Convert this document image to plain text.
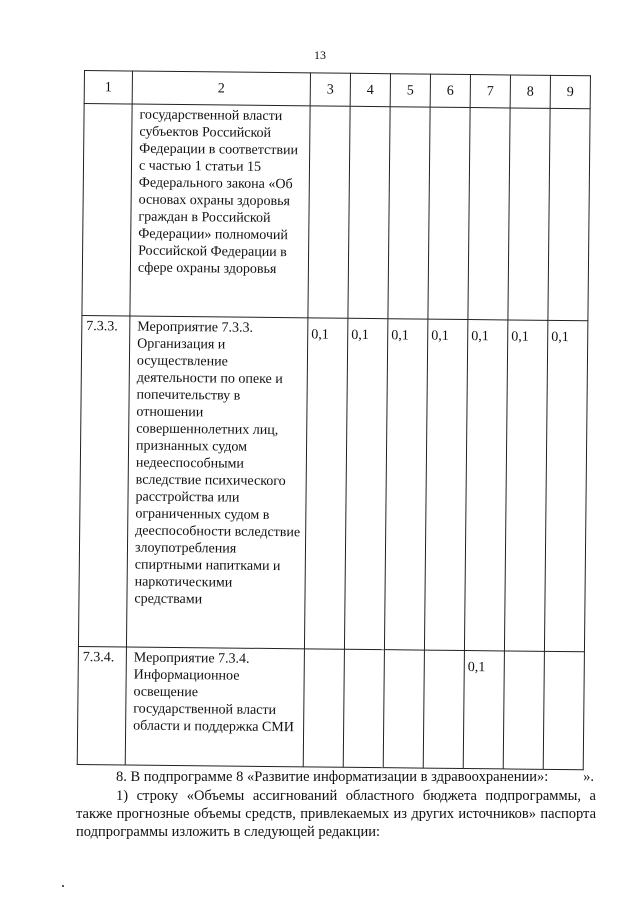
13
1	2	3	4	5	6	7	8	9
	государственной власти субъектов Российской Федерации в соответствии с частью 1 статьи 15 Федерального закона «Об основах охраны здоровья граждан в Российской Федерации» полномочий Российской Федерации в сфере охраны здоровья							
7.3.3.	Мероприятие 7.3.3. Организация и осуществление деятельности по опеке и попечительству в отношении совершеннолетних лиц, признанных судом недееспособными вследствие психического расстройства или ограниченных судом в дееспособности вследствие злоупотребления спиртными напитками и наркотическими средствами	0,1	0,1	0,1	0,1	0,1	0,1	0,1
7.3.4.	Мероприятие 7.3.4. Информационное освещение государственной власти области и поддержка СМИ					0,1		
8. В подпрограмме 8 «Развитие информатизации в здравоохранении»:	».
1) строку «Объемы ассигнований областного бюджета подпрограммы, а также прогнозные объемы средств, привлекаемых из других источников» паспорта подпрограммы изложить в следующей редакции:
